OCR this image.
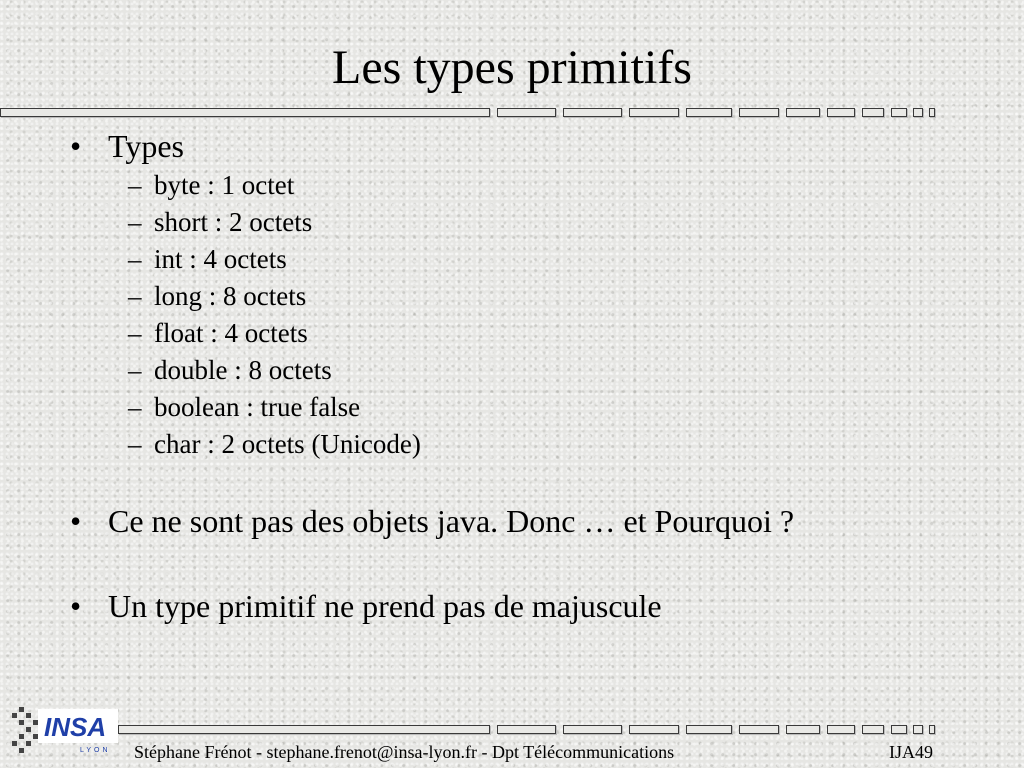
Les types primitifs
• Types
– byte : 1 octet
– short : 2 octets
– int : 4 octets
– long : 8 octets
– float : 4 octets
– double : 8 octets
– boolean : true false
– char : 2 octets (Unicode)
• Ce ne sont pas des objets java. Donc … et Pourquoi ?
• Un type primitif ne prend pas de majuscule
INSA
LYON Stéphane Frénot - stephane.frenot@insa-lyon.fr - Dpt Télécommunications	IJA49
